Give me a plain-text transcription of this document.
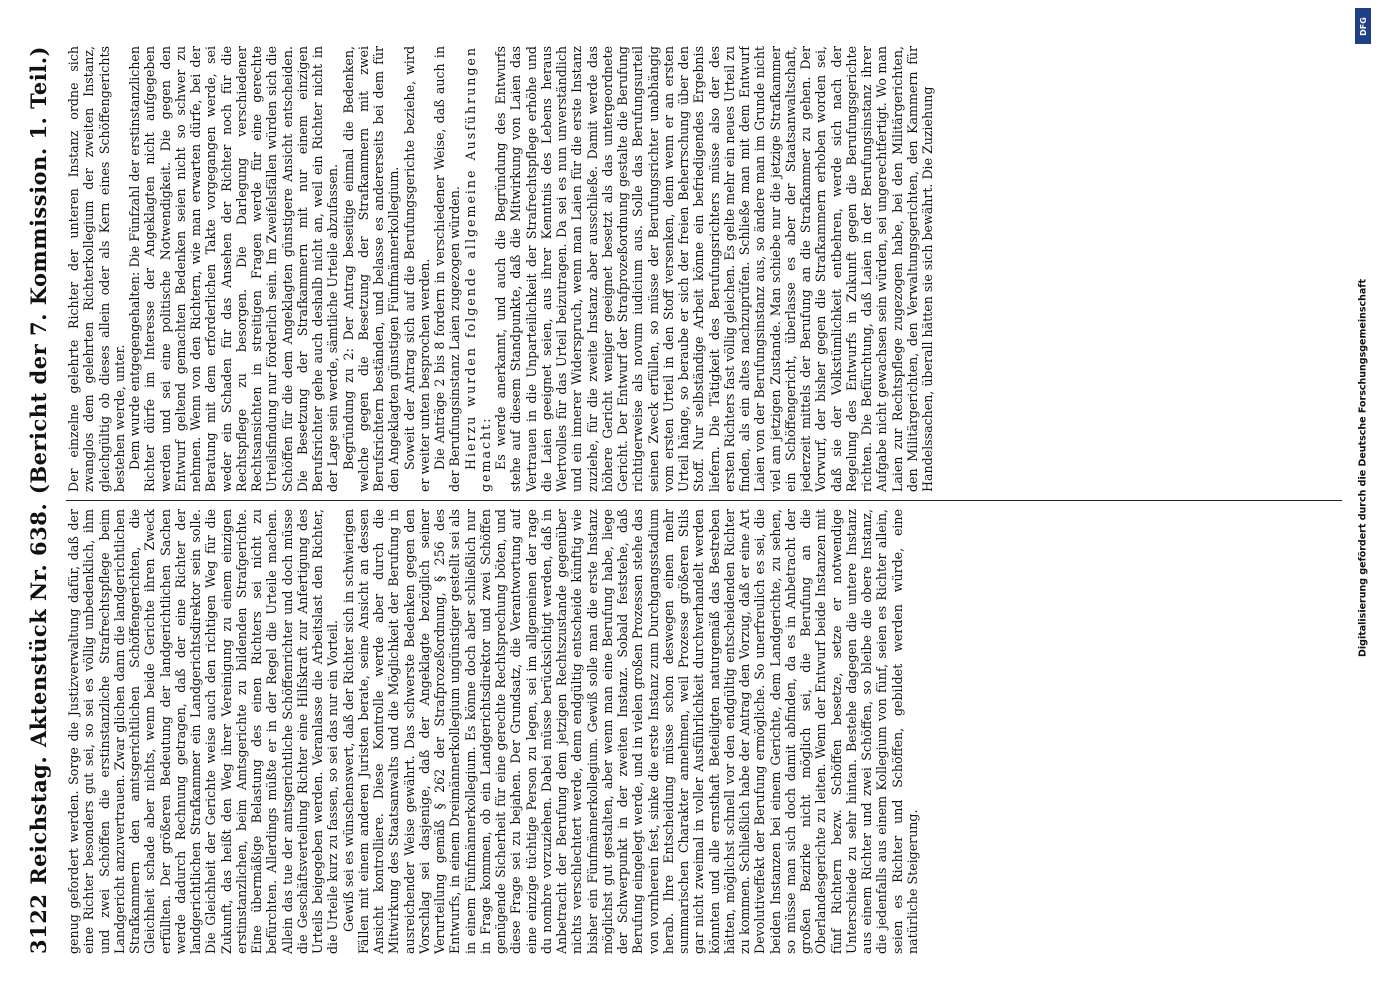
3122
Reichstag.
Aktenstück Nr. 638.
(Bericht der 7. Kommission. 1. Teil.)

genug gefordert werden. Sorge die Justizverwaltung dafür, daß der eine Richter besonders gut sei, so sei es völlig unbedenklich, ihm und zwei Schöffen die erstinstanzliche Strafrechtspflege beim Landgericht anzuvertrauen. Zwar glichen dann die landgerichtlichen Strafkammern den amtsgerichtlichen Schöffengerichten, die Gleichheit schade aber nichts, wenn beide Gerichte ihren Zweck erfüllten. Der größeren Bedeutung der landgerichtlichen Sachen werde dadurch Rechnung getragen, daß der eine Richter der landgerichtlichen Strafkammer ein Landgerichtsdirektor sein solle. Die Gleichheit der Gerichte weise auch den richtigen Weg für die Zukunft, das heißt den Weg ihrer Vereinigung zu einem einzigen erstinstanzlichen, beim Amtsgerichte zu bildenden Strafgerichte. Eine übermäßige Belastung des einen Richters sei nicht zu befürchten. Allerdings müßte er in der Regel die Urteile machen. Allein das tue der amtsgerichtliche Schöffenrichter und doch müsse die Geschäftsverteilung Richter eine Hilfskraft zur Anfertigung des Urteils beigegeben werden. Veranlasse die Arbeitslast den Richter, die Urteile kurz zu fassen, so sei das nur ein Vorteil. Gewiß sei es wünschenswert, daß der Richter sich in schwierigen Fällen mit einem anderen Juristen berate, seine Ansicht an dessen Ansicht kontrolliere. Diese Kontrolle werde aber durch die Mitwirkung des Staatsanwalts und die Möglichkeit der Berufung in ausreichender Weise gewährt. Das schwerste Bedenken gegen den Vorschlag sei dasjenige, daß der Angeklagte bezüglich seiner Verurteilung gemäß § 262 der Strafprozeßordnung, § 256 des Entwurfs, in einem Dreimännerkollegium ungünstiger gestellt sei als in einem Fünfmännerkollegium. Es könne doch aber schließlich nur in Frage kommen, ob ein Landgerichtsdirektor und zwei Schöffen genügende Sicherheit für eine gerechte Rechtsprechung böten, und diese Frage sei zu bejahen. Der Grundsatz, die Verantwortung auf eine einzige tüchtige Person zu legen, sei im allgemeinen der rage du nombre vorzuziehen. Dabei müsse berücksichtigt werden, daß in Anbetracht der Berufung dem jetzigen Rechtszustande gegenüber nichts verschlechtert werde, denn endgültig entscheide künftig wie bisher ein Fünfmännerkollegium. Gewiß solle man die erste Instanz möglichst gut gestalten, aber wenn man eine Berufung habe, liege der Schwerpunkt in der zweiten Instanz. Sobald feststehe, daß Berufung eingelegt werde, und in vielen großen Prozessen stehe das von vornherein fest, sinke die erste Instanz zum Durchgangsstadium herab. Ihre Entscheidung müsse schon deswegen einen mehr summarischen Charakter annehmen, weil Prozesse größeren Stils gar nicht zweimal in voller Ausführlichkeit durchverhandelt werden könnten und alle ernsthaft Beteiligten naturgemäß das Bestreben hätten, möglichst schnell vor den endgültig entscheidenden Richter zu kommen. Schließlich habe der Antrag den Vorzug, daß er eine Art Devolutiveffekt der Berufung ermögliche. So unerfreulich es sei, die beiden Instanzen bei einem Gerichte, dem Landgerichte, zu sehen, so müsse man sich doch damit abfinden, da es in Anbetracht der großen Bezirke nicht möglich sei, die Berufung an die Oberlandesgerichte zu leiten. Wenn der Entwurf beide Instanzen mit fünf Richtern bezw. Schöffen besetze, setze er notwendige Unterschiede zu sehr hintan. Bestehe dagegen die untere Instanz aus einem Richter und zwei Schöffen, so bleibe die obere Instanz, die jedenfalls aus einem Kollegium von fünf, seien es Richter allein, seien es Richter und Schöffen, gebildet werden würde, eine natürliche Steigerung.

Der einzelne gelehrte Richter der unteren Instanz ordne sich zwanglos dem gelehrten Richterkollegium der zweiten Instanz, gleichgültig ob dieses allein oder als Kern eines Schöffengerichts bestehen werde, unter. Dem wurde entgegengehalten: Die Fünfzahl der erstinstanzlichen Richter dürfe im Interesse der Angeklagten nicht aufgegeben werden und sei eine politische Notwendigkeit. Die gegen den Entwurf geltend gemachten Bedenken seien nicht so schwer zu nehmen. Wenn von den Richtern, wie man erwarten dürfe, bei der Beratung mit dem erforderlichen Takte vorgegangen werde, sei weder ein Schaden für das Ansehen der Richter noch für die Rechtspflege zu besorgen. Die Darlegung verschiedener Rechtsansichten in streitigen Fragen werde für eine gerechte Urteilsfindung nur förderlich sein. Im Zweifelsfällen würden sich die Schöffen für die dem Angeklagten günstigere Ansicht entscheiden. Die Besetzung der Strafkammern mit nur einem einzigen Berufsrichter gehe auch deshalb nicht an, weil ein Richter nicht in der Lage sein werde, sämtliche Urteile abzufassen. Begründung zu 2: Der Antrag beseitige einmal die Bedenken, welche gegen die Besetzung der Strafkammern mit zwei Berufsrichtern beständen, und belasse es andererseits bei dem für den Angeklagten günstigen Fünfmännerkollegium. Soweit der Antrag sich auf die Berufungsgerichte beziehe, wird er weiter unten besprochen werden. Die Anträge 2 bis 8 fordern in verschiedener Weise, daß auch in der Berufungsinstanz Laien zugezogen würden. Hierzu wurden folgende allgemeine Ausführungen gemacht: Es werde anerkannt, und auch die Begründung des Entwurfs stehe auf diesem Standpunkte, daß die Mitwirkung von Laien das Vertrauen in die Unparteilichkeit der Strafrechtspflege erhöhe und die Laien geeignet seien, aus ihrer Kenntnis des Lebens heraus Wertvolles für das Urteil beizutragen. Da sei es nun unverständlich und ein innerer Widerspruch, wenn man Laien für die erste Instanz zuziehe, für die zweite Instanz aber ausschließe. Damit werde das höhere Gericht weniger geeignet besetzt als das untergeordnete Gericht. Der Entwurf der Strafprozeßordnung gestalte die Berufung richtigerweise als novum iudicium aus. Solle das Berufungsurteil seinen Zweck erfüllen, so müsse der Berufungsrichter unabhängig vom ersten Urteil in den Stoff versenken, denn wenn er an ersten Urteil hänge, so beraube er sich der freien Beherrschung über den Stoff. Nur selbständige Arbeit könne ein befriedigendes Ergebnis liefern. Die Tätigkeit des Berufungsrichters müsse also der des ersten Richters fast völlig gleichen. Es gelte mehr ein neues Urteil zu finden, als ein altes nachzuprüfen. Schließe man mit dem Entwurf Laien von der Berufungsinstanz aus, so ändere man im Grunde nicht viel am jetzigen Zustande. Man schiebe nur die jetzige Strafkammer ein Schöffengericht, überlasse es aber der Staatsanwaltschaft, jederzeit mittels der Berufung an die Strafkammer zu gehen. Der Vorwurf, der bisher gegen die Strafkammern erhoben worden sei, daß sie der Volkstümlichkeit entbehren, werde sich nach der Regelung des Entwurfs in Zukunft gegen die Berufungsgerichte richten. Die Befürchtung, daß Laien in der Berufungsinstanz ihrer Aufgabe nicht gewachsen sein würden, sei ungerechtfertigt. Wo man Laien zur Rechtspflege zugezogen habe, bei den Militärgerichten, den Militärgerichten, den Verwaltungsgerichten, den Kammern für Handelssachen, überall hätten sie sich bewährt. Die Zuziehung

DFG
Digitalisierung gefördert durch die Deutsche Forschungsgemeinschaft
